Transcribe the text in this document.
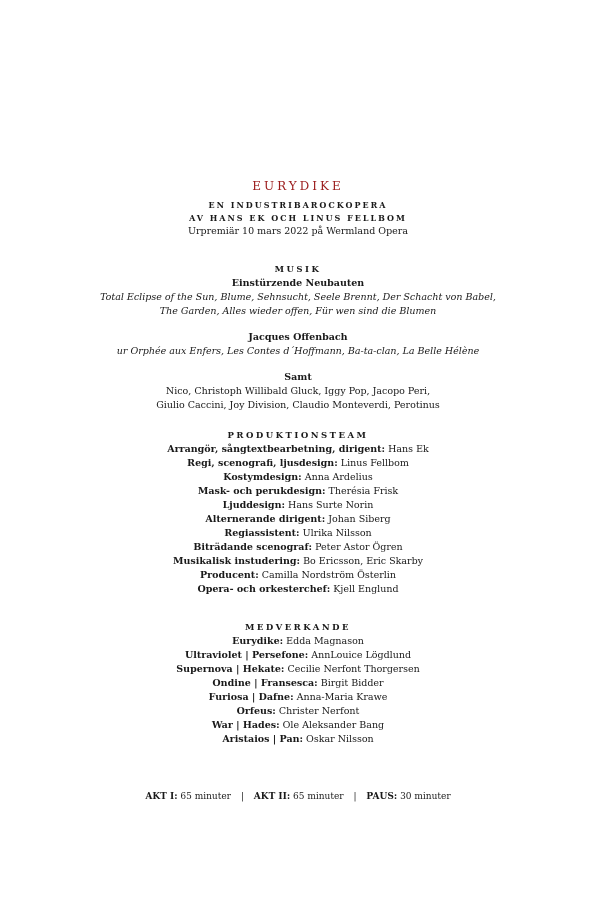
EURYDIKE
EN INDUSTRIBAROCKOPERA
AV HANS EK OCH LINUS FELLBOM
Urpremiär 10 mars 2022 på Wermland Opera
MUSIK
Einstürzende Neubauten
Total Eclipse of the Sun, Blume, Sehnsucht, Seele Brennt, Der Schacht von Babel,
The Garden, Alles wieder offen, Für wen sind die Blumen
Jacques Offenbach
ur Orphée aux Enfers, Les Contes d´Hoffmann, Ba-ta-clan, La Belle Hélène
Samt
Nico, Christoph Willibald Gluck, Iggy Pop, Jacopo Peri,
Giulio Caccini, Joy Division, Claudio Monteverdi, Perotinus
PRODUKTIONSTEAM
Arrangör, sångtextbearbetning, dirigent: Hans Ek
Regi, scenografi, ljusdesign: Linus Fellbom
Kostymdesign: Anna Ardelius
Mask- och perukdesign: Therésia Frisk
Ljuddesign: Hans Surte Norin
Alternerande dirigent: Johan Siberg
Regiassistent: Ulrika Nilsson
Biträdande scenograf: Peter Astor Ögren
Musikalisk instudering: Bo Ericsson, Eric Skarby
Producent: Camilla Nordström Österlin
Opera- och orkesterchef: Kjell Englund
MEDVERKANDE
Eurydike: Edda Magnason
Ultraviolet | Persefone: AnnLouice Lögdlund
Supernova | Hekate: Cecilie Nerfont Thorgersen
Ondine | Fransesca: Birgit Bidder
Furiosa | Dafne: Anna-Maria Krawe
Orfeus: Christer Nerfont
War | Hades: Ole Aleksander Bang
Aristaios | Pan: Oskar Nilsson
AKT I: 65 minuter | AKT II: 65 minuter | PAUS: 30 minuter
